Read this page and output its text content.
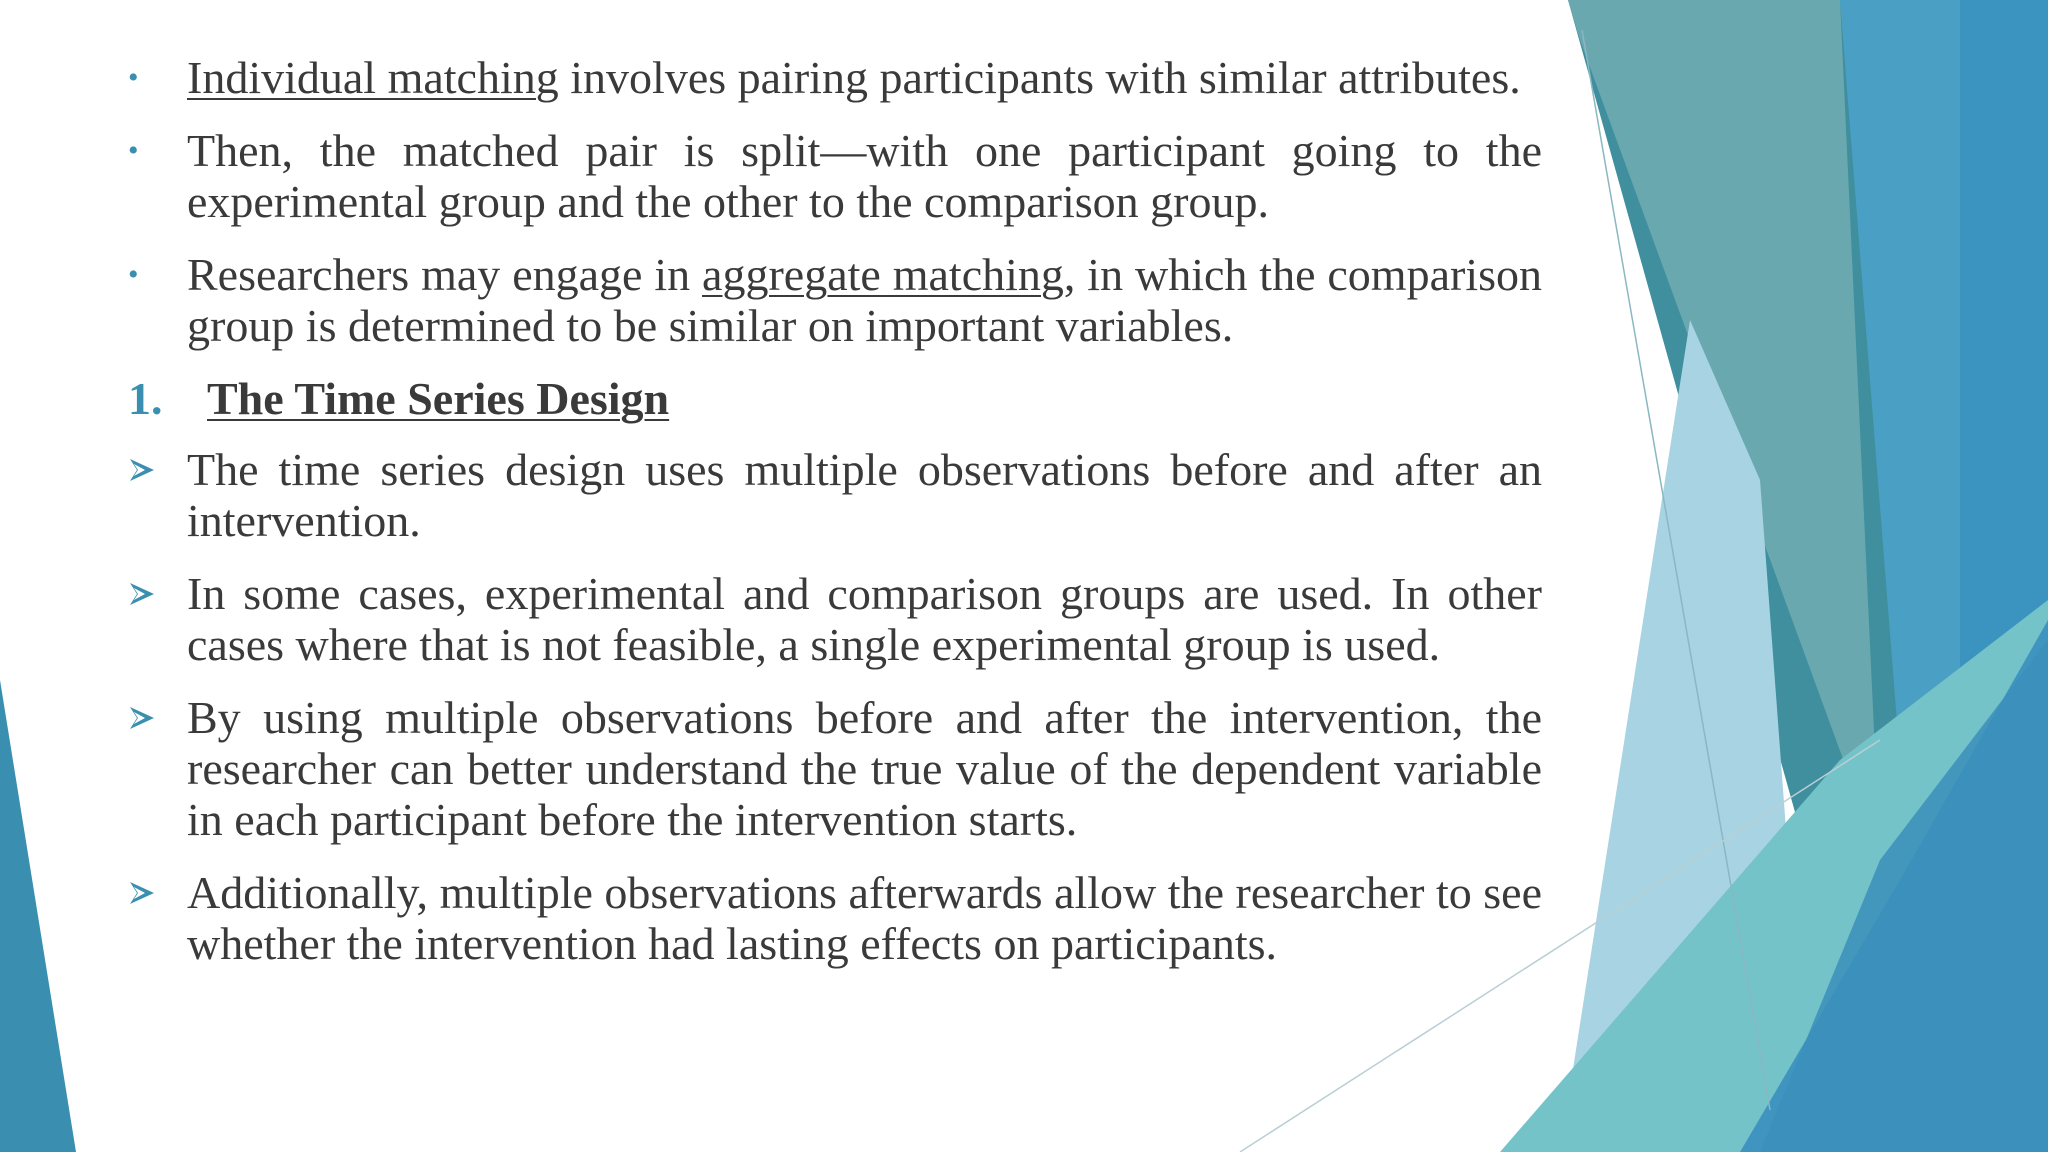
• Individual matching involves pairing participants with similar attributes.
• Then, the matched pair is split—with one participant going to the experimental group and the other to the comparison group.
• Researchers may engage in aggregate matching, in which the comparison group is determined to be similar on important variables.
1. The Time Series Design
The time series design uses multiple observations before and after an intervention.
In some cases, experimental and comparison groups are used. In other cases where that is not feasible, a single experimental group is used.
By using multiple observations before and after the intervention, the researcher can better understand the true value of the dependent variable in each participant before the intervention starts.
Additionally, multiple observations afterwards allow the researcher to see whether the intervention had lasting effects on participants.
